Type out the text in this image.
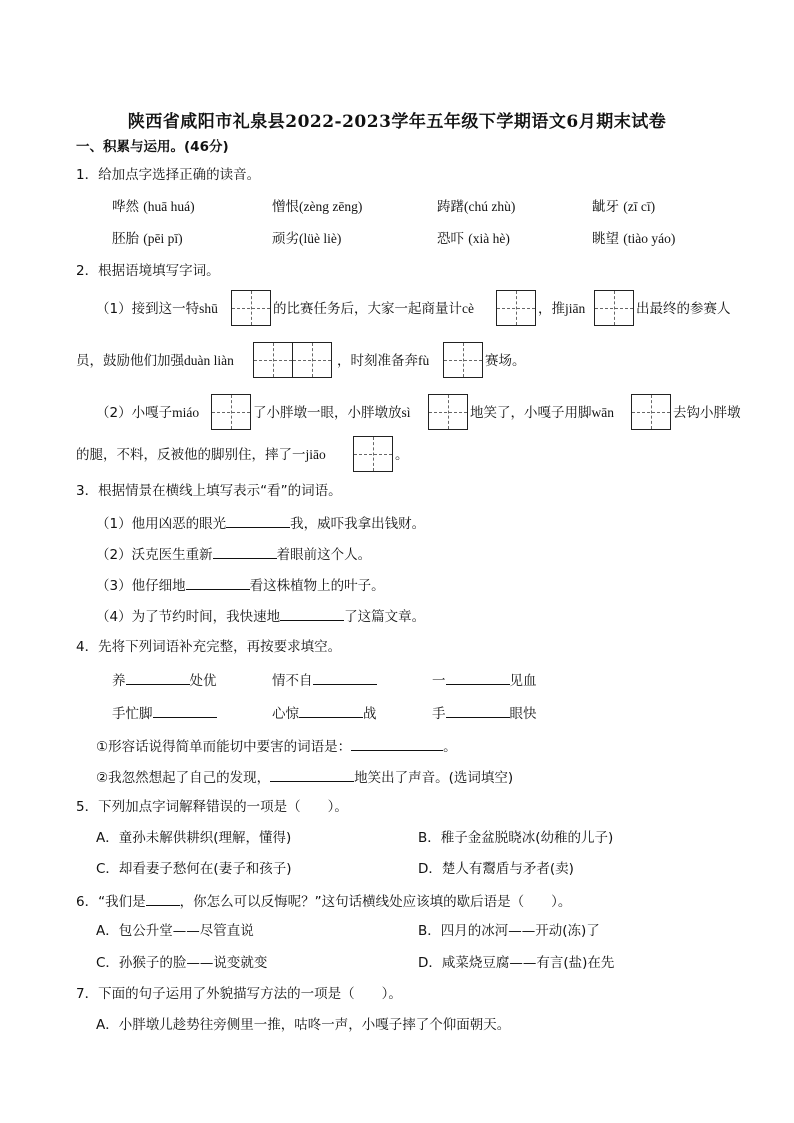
陕西省咸阳市礼泉县2022-2023学年五年级下学期语文6月期末试卷
一、积累与运用。(46分)
1．给加点字选择正确的读音。
哗然 (huā huá)	憎恨(zèng zēng)	踌躇(chú zhù)	龇牙 (zī cī)
胚胎 (pēi pī)	顽劣(lüè liè)	恐吓 (xià hè)	眺望 (tiào yáo)
2．根据语境填写字词。
（1）接到这一特shū	的比赛任务后，大家一起商量计cè	，推jiān	出最终的参赛人
员，鼓励他们加强duàn liàn	，时刻准备奔fù	赛场。
（2）小嘎子miáo	了小胖墩一眼，小胖墩放sì	地笑了，小嘎子用脚wān	去钩小胖墩
的腿，不料，反被他的脚别住，摔了一jiāo	。
3．根据情景在横线上填写表示“看”的词语。
（1）他用凶恶的眼光	我，威吓我拿出钱财。
（2）沃克医生重新	着眼前这个人。
（3）他仔细地	看这株植物上的叶子。
（4）为了节约时间，我快速地	了这篇文章。
4．先将下列词语补充完整，再按要求填空。
养	处优	情不自	一	见血
手忙脚	心惊	战	手	眼快
①形容话说得简单而能切中要害的词语是：	。
②我忽然想起了自己的发现，	地笑出了声音。(选词填空)
5．下列加点字词解释错误的一项是（　　）。
A．童孙未解供耕织(理解，懂得)	B．稚子金盆脱晓冰(幼稚的儿子)
C．却看妻子愁何在(妻子和孩子)	D．楚人有鬻盾与矛者(卖)
6．“我们是	，你怎么可以反悔呢？”这句话横线处应该填的歇后语是（　　）。
A．包公升堂——尽管直说	B．四月的冰河——开动(冻)了
C．孙猴子的脸——说变就变	D．咸菜烧豆腐——有言(盐)在先
7．下面的句子运用了外貌描写方法的一项是（　　）。
A．小胖墩儿趁势往旁侧里一推，咕咚一声，小嘎子摔了个仰面朝天。
